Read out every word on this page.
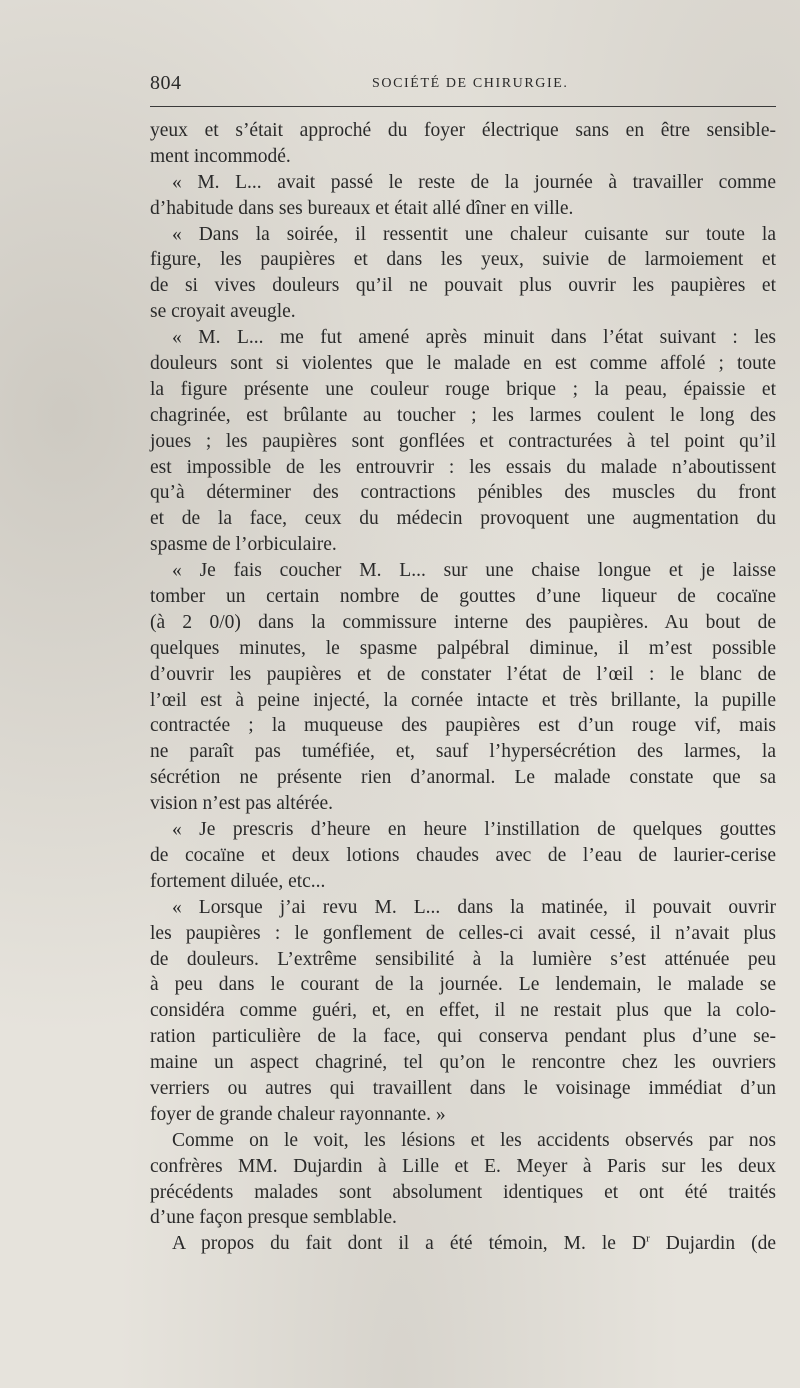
804	SOCIÉTÉ DE CHIRURGIE.
yeux et s’était approché du foyer électrique sans en être sensible-
ment incommodé.
« M. L... avait passé le reste de la journée à travailler comme
d’habitude dans ses bureaux et était allé dîner en ville.
« Dans la soirée, il ressentit une chaleur cuisante sur toute la
figure, les paupières et dans les yeux, suivie de larmoiement et
de si vives douleurs qu’il ne pouvait plus ouvrir les paupières et
se croyait aveugle.
« M. L... me fut amené après minuit dans l’état suivant : les
douleurs sont si violentes que le malade en est comme affolé ; toute
la figure présente une couleur rouge brique ; la peau, épaissie et
chagrinée, est brûlante au toucher ; les larmes coulent le long des
joues ; les paupières sont gonflées et contracturées à tel point qu’il
est impossible de les entrouvrir : les essais du malade n’aboutissent
qu’à déterminer des contractions pénibles des muscles du front
et de la face, ceux du médecin provoquent une augmentation du
spasme de l’orbiculaire.
« Je fais coucher M. L... sur une chaise longue et je laisse
tomber un certain nombre de gouttes d’une liqueur de cocaïne
(à 2 0/0) dans la commissure interne des paupières. Au bout de
quelques minutes, le spasme palpébral diminue, il m’est possible
d’ouvrir les paupières et de constater l’état de l’œil : le blanc de
l’œil est à peine injecté, la cornée intacte et très brillante, la pupille
contractée ; la muqueuse des paupières est d’un rouge vif, mais
ne paraît pas tuméfiée, et, sauf l’hypersécrétion des larmes, la
sécrétion ne présente rien d’anormal. Le malade constate que sa
vision n’est pas altérée.
« Je prescris d’heure en heure l’instillation de quelques gouttes
de cocaïne et deux lotions chaudes avec de l’eau de laurier-cerise
fortement diluée, etc...
« Lorsque j’ai revu M. L... dans la matinée, il pouvait ouvrir
les paupières : le gonflement de celles-ci avait cessé, il n’avait plus
de douleurs. L’extrême sensibilité à la lumière s’est atténuée peu
à peu dans le courant de la journée. Le lendemain, le malade se
considéra comme guéri, et, en effet, il ne restait plus que la colo-
ration particulière de la face, qui conserva pendant plus d’une se-
maine un aspect chagriné, tel qu’on le rencontre chez les ouvriers
verriers ou autres qui travaillent dans le voisinage immédiat d’un
foyer de grande chaleur rayonnante. »
Comme on le voit, les lésions et les accidents observés par nos
confrères MM. Dujardin à Lille et E. Meyer à Paris sur les deux
précédents malades sont absolument identiques et ont été traités
d’une façon presque semblable.
A propos du fait dont il a été témoin, M. le $D^r$ Dujardin (de
